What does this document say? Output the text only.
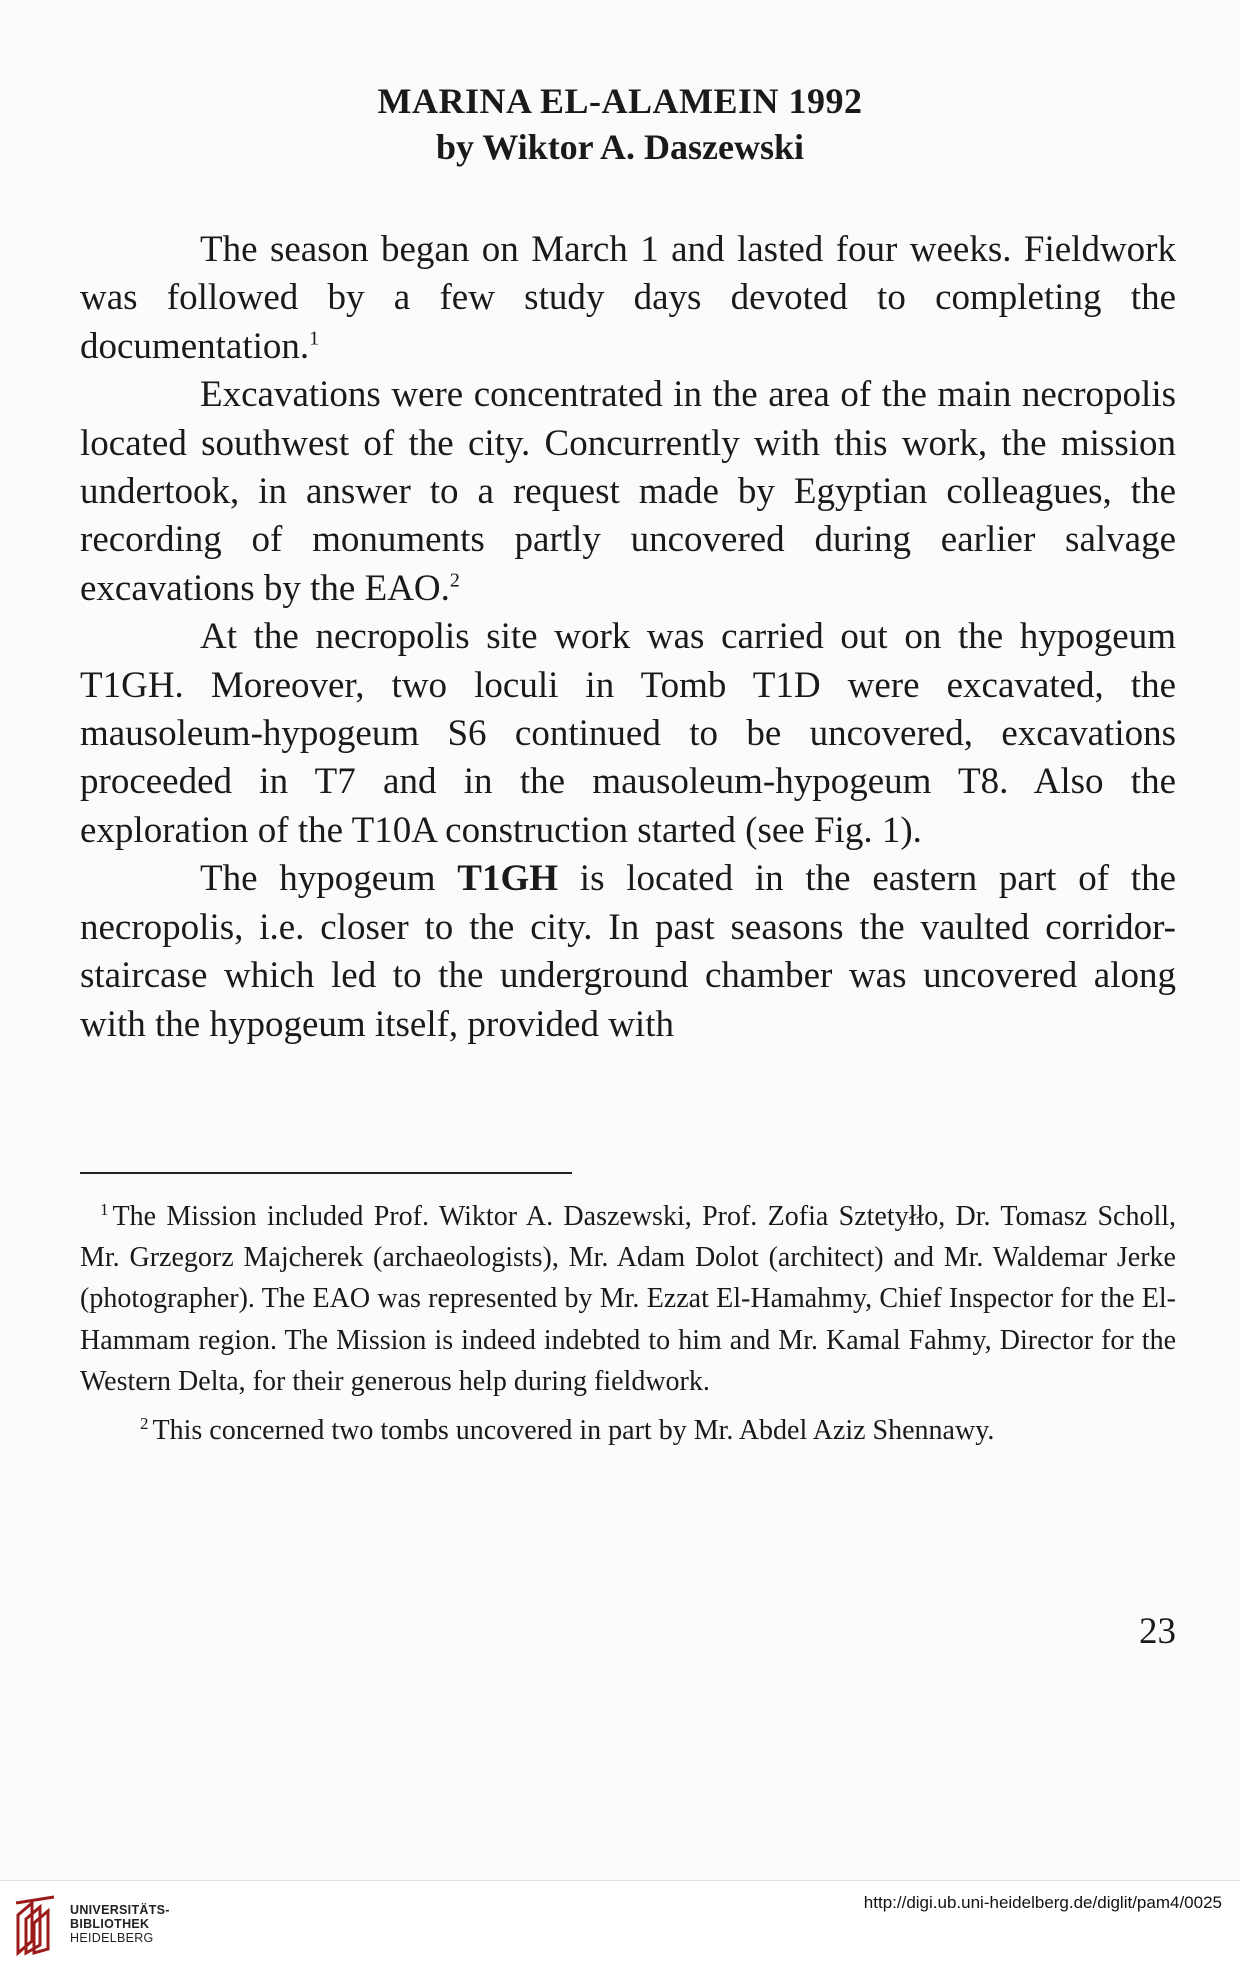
MARINA EL-ALAMEIN 1992

by Wiktor A. Daszewski

The season began on March 1 and lasted four weeks. Fieldwork was followed by a few study days devoted to completing the documentation.$^1$

Excavations were concentrated in the area of the main necropolis located southwest of the city. Concurrently with this work, the mission undertook, in answer to a request made by Egyptian colleagues, the recording of monuments partly uncovered during earlier salvage excavations by the EAO.$^2$

At the necropolis site work was carried out on the hypogeum T1GH. Moreover, two loculi in Tomb T1D were excavated, the mausoleum-hypogeum S6 continued to be uncovered, excavations proceeded in T7 and in the mausoleum-hypogeum T8. Also the exploration of the T10A construction started (see Fig. 1).

The hypogeum T1GH is located in the eastern part of the necropolis, i.e. closer to the city. In past seasons the vaulted corridor-staircase which led to the underground chamber was uncovered along with the hypogeum itself, provided with

$^1$ The Mission included Prof. Wiktor A. Daszewski, Prof. Zofia Sztetyłło, Dr. Tomasz Scholl, Mr. Grzegorz Majcherek (archaeologists), Mr. Adam Dolot (architect) and Mr. Waldemar Jerke (photographer). The EAO was represented by Mr. Ezzat El-Hamahmy, Chief Inspector for the El-Hammam region. The Mission is indeed indebted to him and Mr. Kamal Fahmy, Director for the Western Delta, for their generous help during fieldwork.

$^2$ This concerned two tombs uncovered in part by Mr. Abdel Aziz Shennawy.

23
UNIVERSITÄTS-
BIBLIOTHEK
HEIDELBERG
http://digi.ub.uni-heidelberg.de/diglit/pam4/0025
